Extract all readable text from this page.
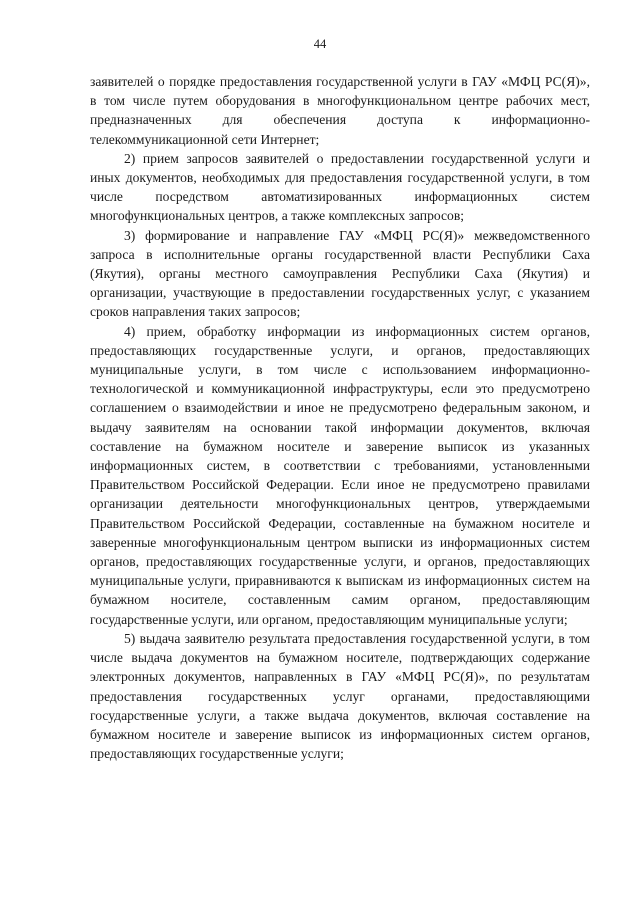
44

заявителей о порядке предоставления государственной услуги в ГАУ «МФЦ РС(Я)», в том числе путем оборудования в многофункциональном центре рабочих мест, предназначенных для обеспечения доступа к информационно-телекоммуникационной сети Интернет;

2) прием запросов заявителей о предоставлении государственной услуги и иных документов, необходимых для предоставления государственной услуги, в том числе посредством автоматизированных информационных систем многофункциональных центров, а также комплексных запросов;

3) формирование и направление ГАУ «МФЦ РС(Я)» межведомственного запроса в исполнительные органы государственной власти Республики Саха (Якутия), органы местного самоуправления Республики Саха (Якутия) и организации, участвующие в предоставлении государственных услуг, с указанием сроков направления таких запросов;

4) прием, обработку информации из информационных систем органов, предоставляющих государственные услуги, и органов, предоставляющих муниципальные услуги, в том числе с использованием информационно-технологической и коммуникационной инфраструктуры, если это предусмотрено соглашением о взаимодействии и иное не предусмотрено федеральным законом, и выдачу заявителям на основании такой информации документов, включая составление на бумажном носителе и заверение выписок из указанных информационных систем, в соответствии с требованиями, установленными Правительством Российской Федерации. Если иное не предусмотрено правилами организации деятельности многофункциональных центров, утверждаемыми Правительством Российской Федерации, составленные на бумажном носителе и заверенные многофункциональным центром выписки из информационных систем органов, предоставляющих государственные услуги, и органов, предоставляющих муниципальные услуги, приравниваются к выпискам из информационных систем на бумажном носителе, составленным самим органом, предоставляющим государственные услуги, или органом, предоставляющим муниципальные услуги;

5) выдача заявителю результата предоставления государственной услуги, в том числе выдача документов на бумажном носителе, подтверждающих содержание электронных документов, направленных в ГАУ «МФЦ РС(Я)», по результатам предоставления государственных услуг органами, предоставляющими государственные услуги, а также выдача документов, включая составление на бумажном носителе и заверение выписок из информационных систем органов, предоставляющих государственные услуги;
